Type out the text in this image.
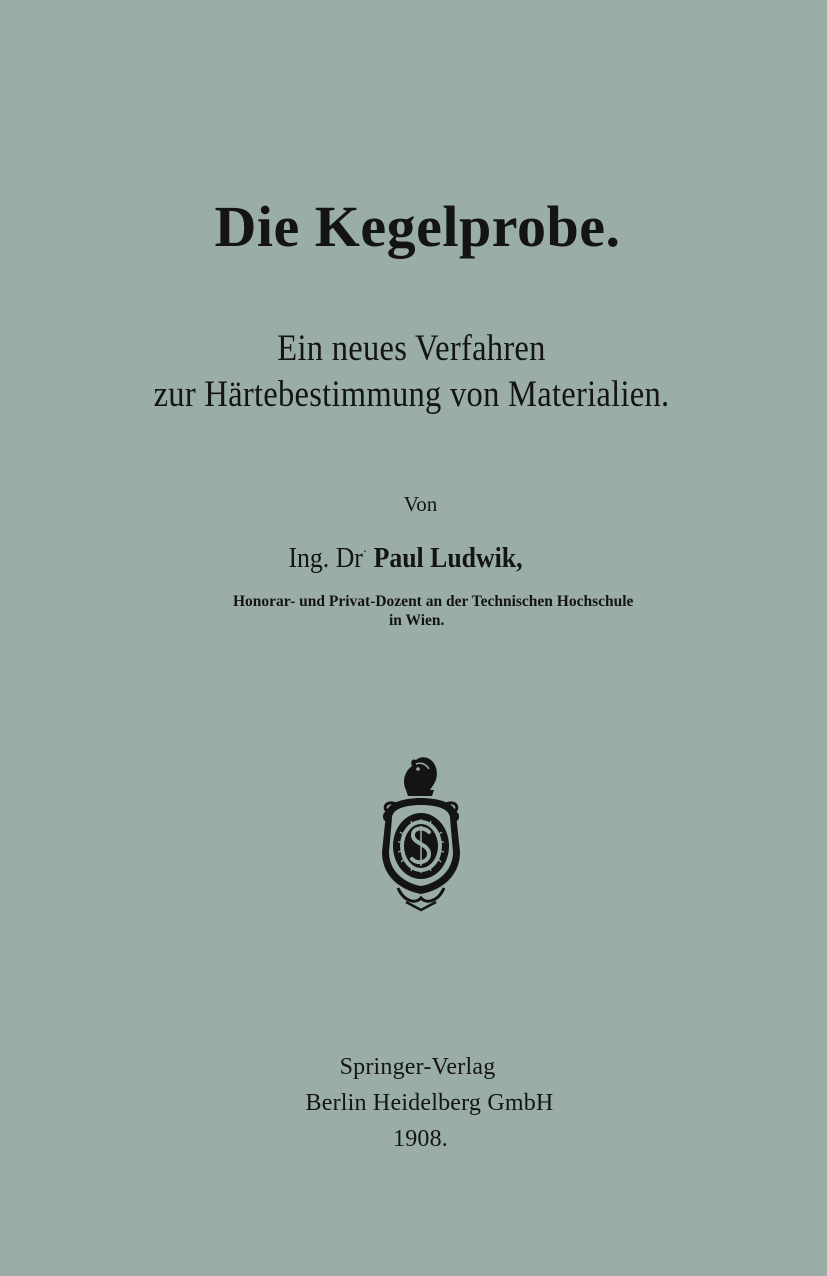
Die Kegelprobe.
Ein neues Verfahren
zur Härtebestimmung von Materialien.
Von
Ing. Dr· Paul Ludwik,
Honorar- und Privat-Dozent an der Technischen Hochschule
in Wien.
Springer-Verlag
Berlin Heidelberg GmbH
1908.
